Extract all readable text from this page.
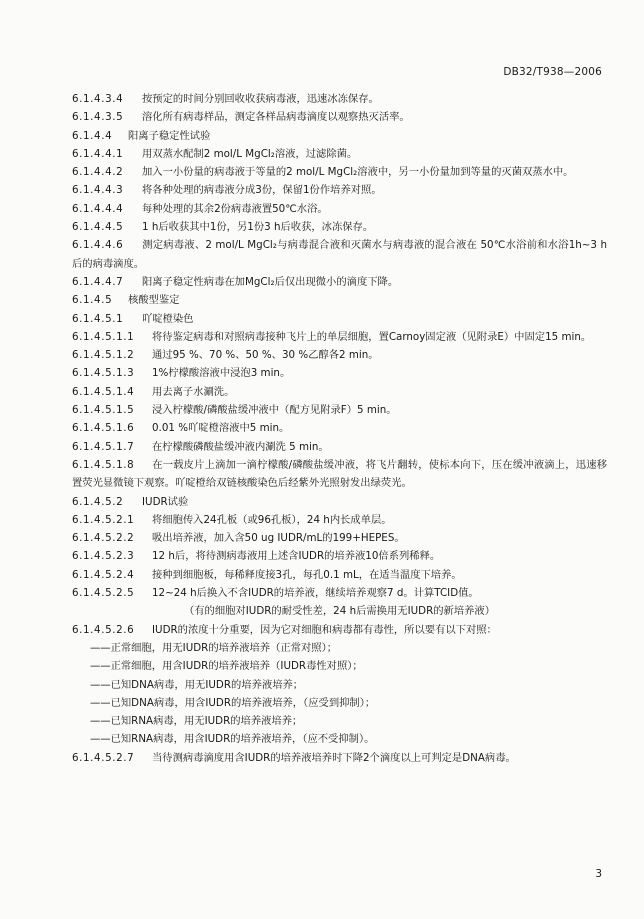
DB32/T938—2006
6.1.4.3.4 按预定的时间分别回收收获病毒液，迅速冰冻保存。
6.1.4.3.5 溶化所有病毒样品，测定各样品病毒滴度以观察热灭活率。
6.1.4.4 阳离子稳定性试验
6.1.4.4.1 用双蒸水配制2 mol/L MgCl₂溶液，过滤除菌。
6.1.4.4.2 加入一小份量的病毒液于等量的2 mol/L MgCl₂溶液中，另一小份量加到等量的灭菌双蒸水中。
6.1.4.4.3 将各种处理的病毒液分成3份，保留1份作培养对照。
6.1.4.4.4 每种处理的其余2份病毒液置50℃水浴。
6.1.4.4.5 1 h后收获其中1份，另1份3 h后收获，冰冻保存。
6.1.4.4.6 测定病毒液、2 mol/L MgCl₂与病毒混合液和灭菌水与病毒液的混合液在 50℃水浴前和水浴1h~3 h后的病毒滴度。
6.1.4.4.7 阳离子稳定性病毒在加MgCl₂后仅出现微小的滴度下降。
6.1.4.5 核酸型鉴定
6.1.4.5.1 吖啶橙染色
6.1.4.5.1.1 将待鉴定病毒和对照病毒接种飞片上的单层细胞，置Carnoy固定液（见附录E）中固定15 min。
6.1.4.5.1.2 通过95 %、70 %、50 %、30 %乙醇各2 min。
6.1.4.5.1.3 1%柠檬酸溶液中浸泡3 min。
6.1.4.5.1.4 用去离子水涮洗。
6.1.4.5.1.5 浸入柠檬酸/磷酸盐缓冲液中（配方见附录F）5 min。
6.1.4.5.1.6 0.01 %吖啶橙溶液中5 min。
6.1.4.5.1.7 在柠檬酸磷酸盐缓冲液内涮洗 5 min。
6.1.4.5.1.8 在一载皮片上滴加一滴柠檬酸/磷酸盐缓冲液，将飞片翻转，使标本向下，压在缓冲液滴上，迅速移置荧光显微镜下观察。吖啶橙给双链核酸染色后经紫外光照射发出绿荧光。
6.1.4.5.2 IUDR试验
6.1.4.5.2.1 将细胞传入24孔板（或96孔板），24 h内长成单层。
6.1.4.5.2.2 吸出培养液，加入含50 ug IUDR/mL的199+HEPES。
6.1.4.5.2.3 12 h后，将待测病毒液用上述含IUDR的培养液10倍系列稀释。
6.1.4.5.2.4 接种到细胞板，每稀释度接3孔，每孔0.1 mL，在适当温度下培养。
6.1.4.5.2.5 12~24 h后换入不含IUDR的培养液，继续培养观察7 d。计算TCID值。
（有的细胞对IUDR的耐受性差，24 h后需换用无IUDR的新培养液）
6.1.4.5.2.6 IUDR的浓度十分重要，因为它对细胞和病毒都有毒性，所以要有以下对照：
——正常细胞，用无IUDR的培养液培养（正常对照）；
——正常细胞，用含IUDR的培养液培养（IUDR毒性对照）；
——已知DNA病毒，用无IUDR的培养液培养；
——已知DNA病毒，用含IUDR的培养液培养，（应受到抑制）；
——已知RNA病毒，用无IUDR的培养液培养；
——已知RNA病毒，用含IUDR的培养液培养，（应不受抑制）。
6.1.4.5.2.7 当待测病毒滴度用含IUDR的培养液培养时下降2个滴度以上可判定是DNA病毒。
3
